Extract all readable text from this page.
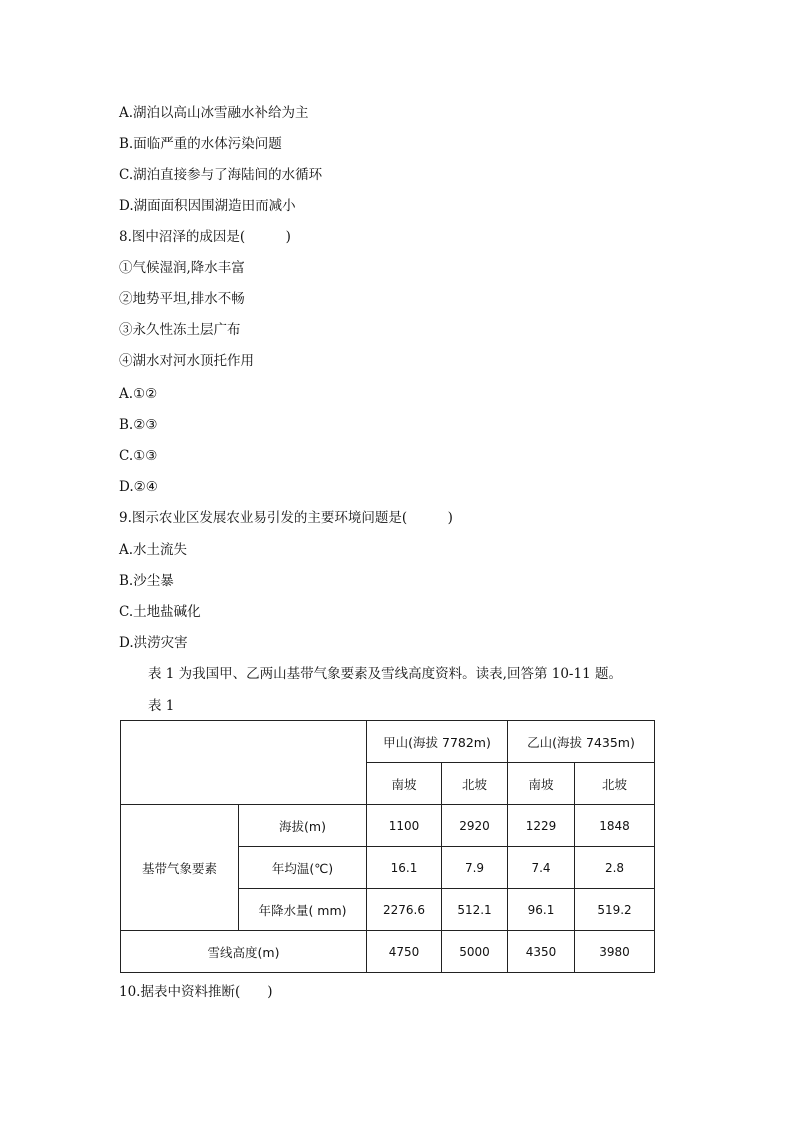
A.湖泊以高山冰雪融水补给为主
B.面临严重的水体污染问题
C.湖泊直接参与了海陆间的水循环
D.湖面面积因围湖造田而减小
8.图中沼泽的成因是(　　　)
①气候湿润,降水丰富
②地势平坦,排水不畅
③永久性冻土层广布
④湖水对河水顶托作用
A.①②
B.②③
C.①③
D.②④
9.图示农业区发展农业易引发的主要环境问题是(　　　)
A.水土流失
B.沙尘暴
C.土地盐碱化
D.洪涝灾害
表 1 为我国甲、乙两山基带气象要素及雪线高度资料。读表,回答第 10-11 题。
表 1
		甲山(海拔 7782m)		乙山(海拔 7435m)	
		南坡	北坡	南坡	北坡
基带气象要素	海拔(m)	1100	2920	1229	1848
	年均温(℃)	16.1	7.9	7.4	2.8
	年降水量( mm)	2276.6	512.1	96.1	519.2
雪线高度(m)		4750	5000	4350	3980
10.据表中资料推断(　　)
